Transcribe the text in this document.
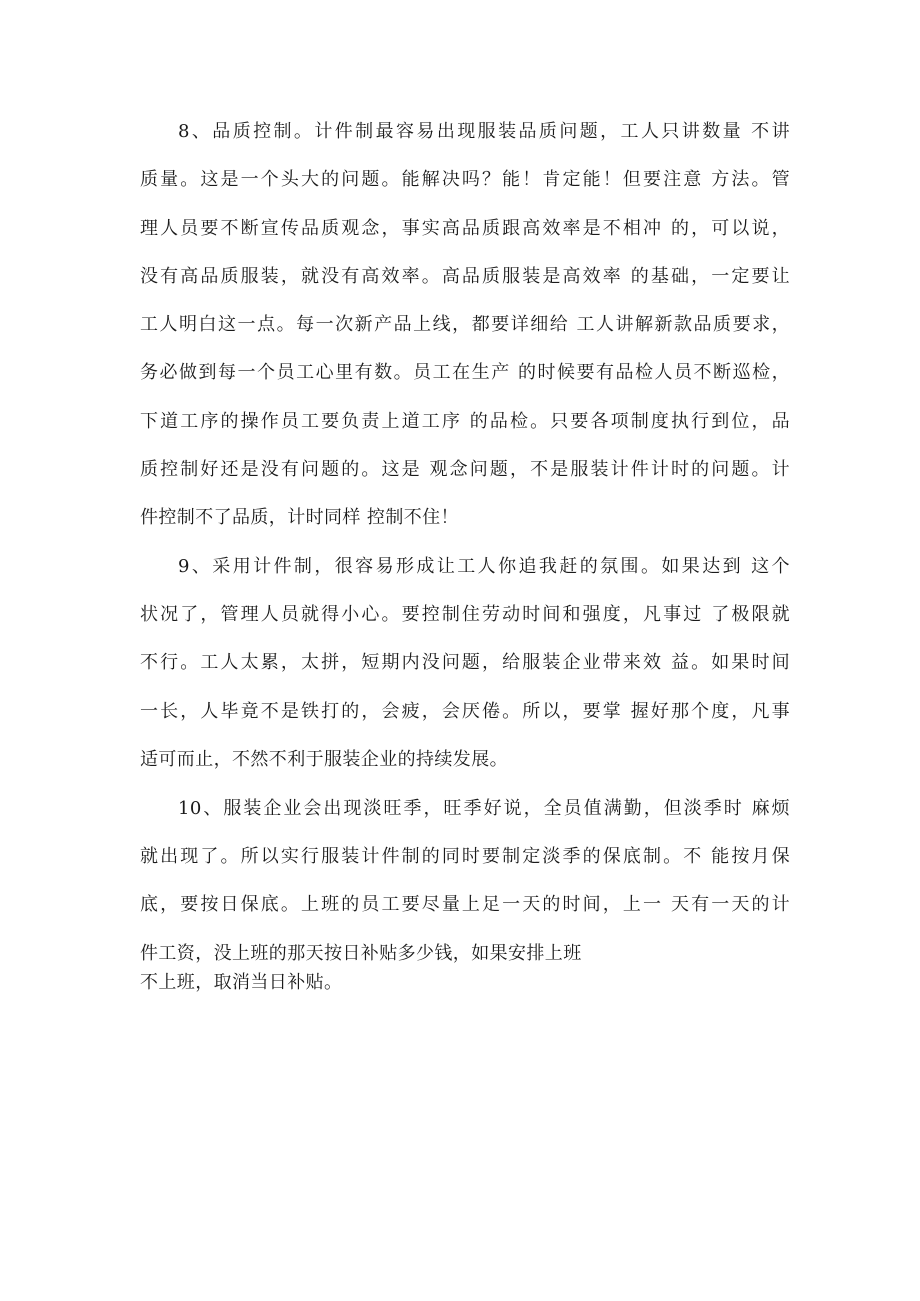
8、品质控制。计件制最容易出现服装品质问题，工人只讲数量 不讲
质量。这是一个头大的问题。能解决吗？能！肯定能！但要注意 方法。管
理人员要不断宣传品质观念，事实高品质跟高效率是不相冲 的，可以说，
没有高品质服装，就没有高效率。高品质服装是高效率 的基础，一定要让
工人明白这一点。每一次新产品上线，都要详细给 工人讲解新款品质要求，
务必做到每一个员工心里有数。员工在生产 的时候要有品检人员不断巡检，
下道工序的操作员工要负责上道工序 的品检。只要各项制度执行到位，品
质控制好还是没有问题的。这是 观念问题，不是服装计件计时的问题。计
件控制不了品质，计时同样 控制不住！
9、采用计件制，很容易形成让工人你追我赶的氛围。如果达到 这个
状况了，管理人员就得小心。要控制住劳动时间和强度，凡事过 了极限就
不行。工人太累，太拼，短期内没问题，给服装企业带来效 益。如果时间
一长，人毕竟不是铁打的，会疲，会厌倦。所以，要掌 握好那个度，凡事
适可而止，不然不利于服装企业的持续发展。
10、服装企业会出现淡旺季，旺季好说，全员值满勤，但淡季时 麻烦
就出现了。所以实行服装计件制的同时要制定淡季的保底制。不 能按月保
底，要按日保底。上班的员工要尽量上足一天的时间，上一 天有一天的计
件工资，没上班的那天按日补贴多少钱，如果安排上班
不上班，取消当日补贴。
